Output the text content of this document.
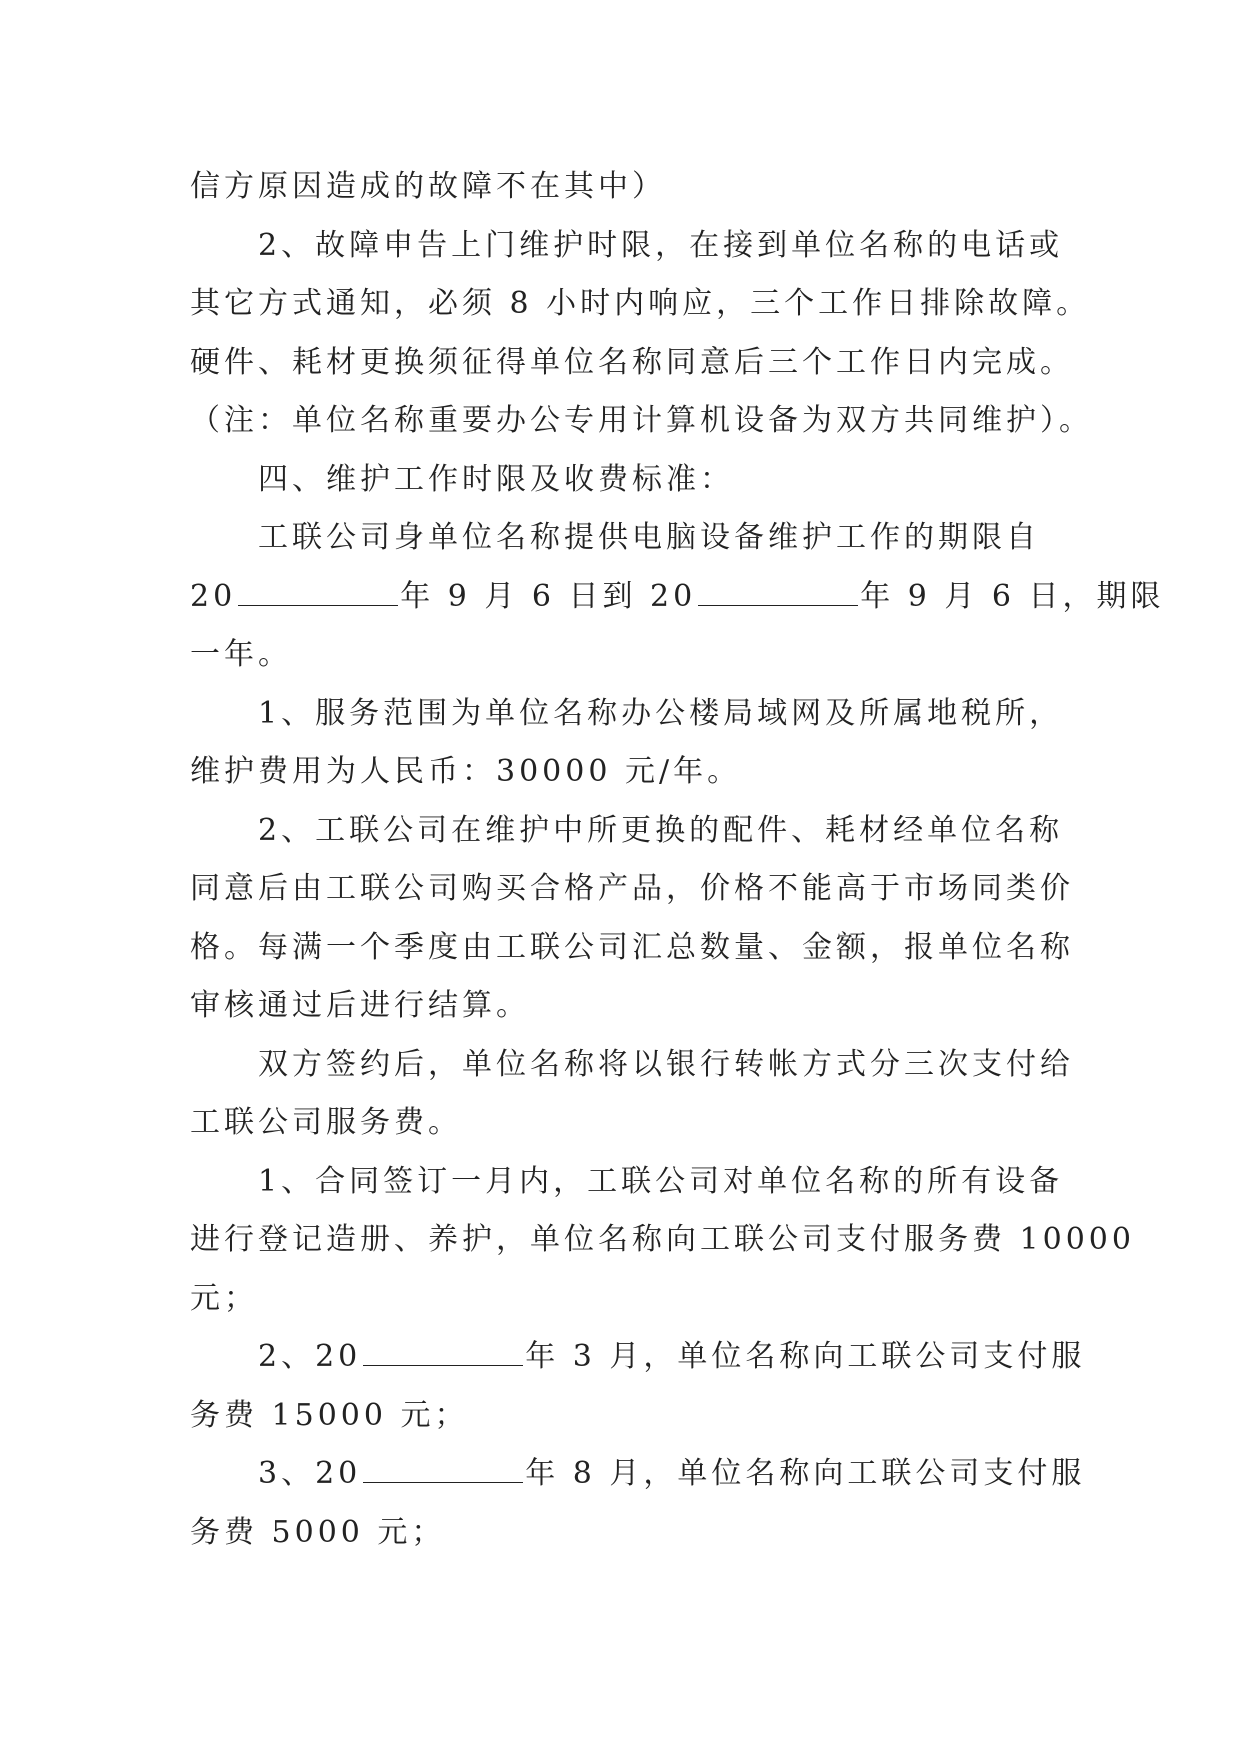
信方原因造成的故障不在其中）
2、故障申告上门维护时限，在接到单位名称的电话或
其它方式通知，必须 8 小时内响应，三个工作日排除故障。
硬件、耗材更换须征得单位名称同意后三个工作日内完成。
（注：单位名称重要办公专用计算机设备为双方共同维护）。
四、维护工作时限及收费标准：
工联公司身单位名称提供电脑设备维护工作的期限自
20	年 9 月 6 日到 20	年 9 月 6 日，期限
一年。
1、服务范围为单位名称办公楼局域网及所属地税所，
维护费用为人民币：30000 元/年。
2、工联公司在维护中所更换的配件、耗材经单位名称
同意后由工联公司购买合格产品，价格不能高于市场同类价
格。每满一个季度由工联公司汇总数量、金额，报单位名称
审核通过后进行结算。
双方签约后，单位名称将以银行转帐方式分三次支付给
工联公司服务费。
1、合同签订一月内，工联公司对单位名称的所有设备
进行登记造册、养护，单位名称向工联公司支付服务费 10000
元；
2、20	年 3 月，单位名称向工联公司支付服
务费 15000 元；
3、20	年 8 月，单位名称向工联公司支付服
务费 5000 元；
